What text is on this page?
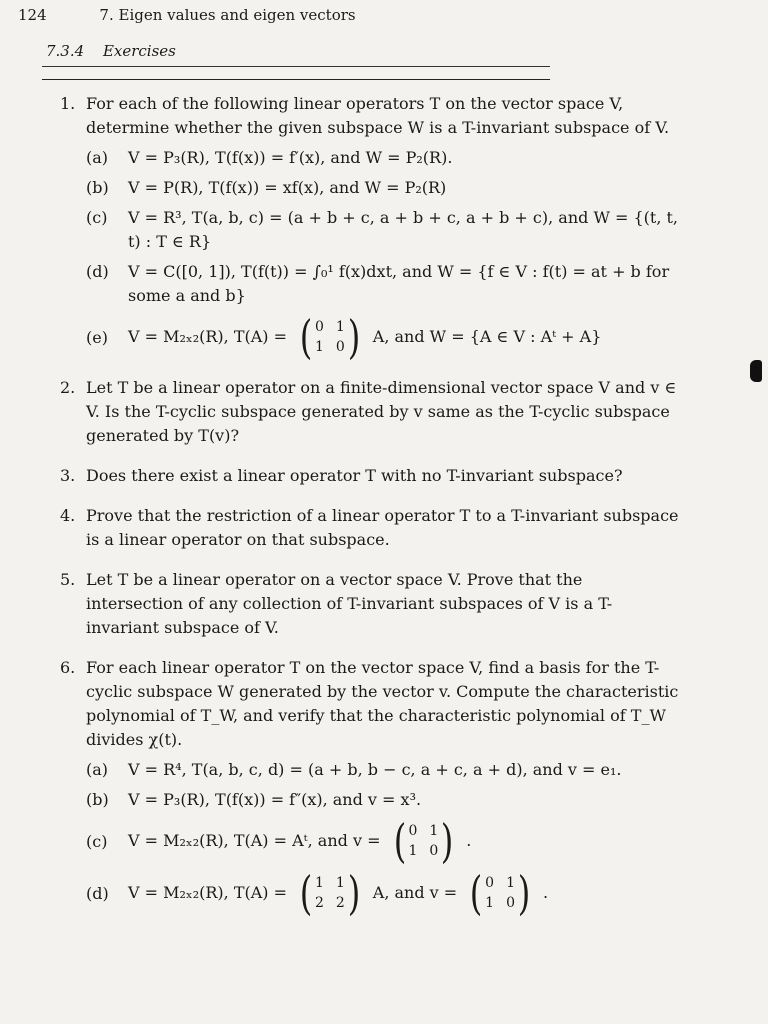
124	7. Eigen values and eigen vectors
7.3.4 Exercises
1. For each of the following linear operators T on the vector space V, determine whether the given subspace W is a T-invariant subspace of V.
(a) V = P₃(R), T(f(x)) = f′(x), and W = P₂(R).
(b) V = P(R), T(f(x)) = xf(x), and W = P₂(R)
(c) V = R³, T(a, b, c) = (a + b + c, a + b + c, a + b + c), and W = {(t, t, t) : T ∈ R}
(d) V = C([0, 1]), T(f(t)) = ∫₀¹ f(x)dxt, and W = {f ∈ V : f(t) = at + b for some a and b}
(e) V = M₂ₓ₂(R), T(A) = ( 0 1
1 0 ) A, and W = {A ∈ V : Aᵗ + A}
2. Let T be a linear operator on a finite-dimensional vector space V and v ∈ V. Is the T-cyclic subspace generated by v same as the T-cyclic subspace generated by T(v)?
3. Does there exist a linear operator T with no T-invariant subspace?
4. Prove that the restriction of a linear operator T to a T-invariant subspace is a linear operator on that subspace.
5. Let T be a linear operator on a vector space V. Prove that the intersection of any collection of T-invariant subspaces of V is a T-invariant subspace of V.
6. For each linear operator T on the vector space V, find a basis for the T-cyclic subspace W generated by the vector v. Compute the characteristic polynomial of T_W, and verify that the characteristic polynomial of T_W divides χ(t).
(a) V = R⁴, T(a, b, c, d) = (a + b, b − c, a + c, a + d), and v = e₁.
(b) V = P₃(R), T(f(x)) = f″(x), and v = x³.
(c) V = M₂ₓ₂(R), T(A) = Aᵗ, and v = ( 0 1
1 0 ) .
(d) V = M₂ₓ₂(R), T(A) = ( 1 1
2 2 ) A, and v = ( 0 1
1 0 ) .
